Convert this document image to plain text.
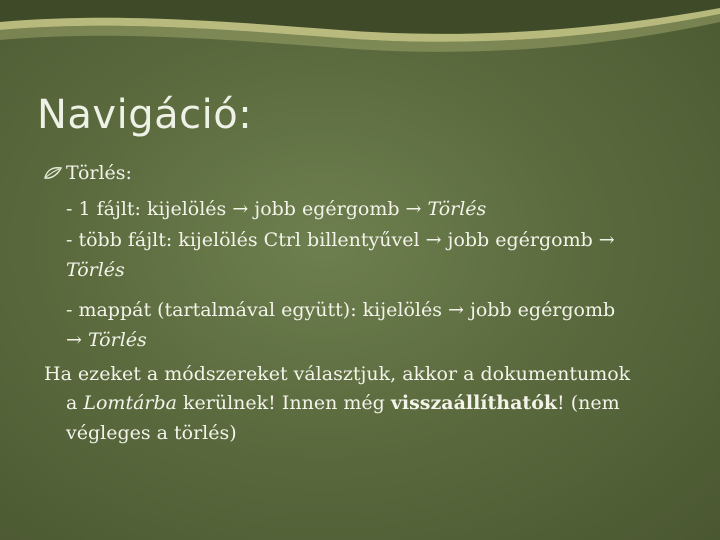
Navigáció:
Törlés:
- 1 fájlt: kijelölés → jobb egérgomb → Törlés
- több fájlt: kijelölés Ctrl billentyűvel → jobb egérgomb →
Törlés
- mappát (tartalmával együtt): kijelölés → jobb egérgomb
→ Törlés
Ha ezeket a módszereket választjuk, akkor a dokumentumok
a Lomtárba kerülnek! Innen még visszaállíthatók! (nem
végleges a törlés)
